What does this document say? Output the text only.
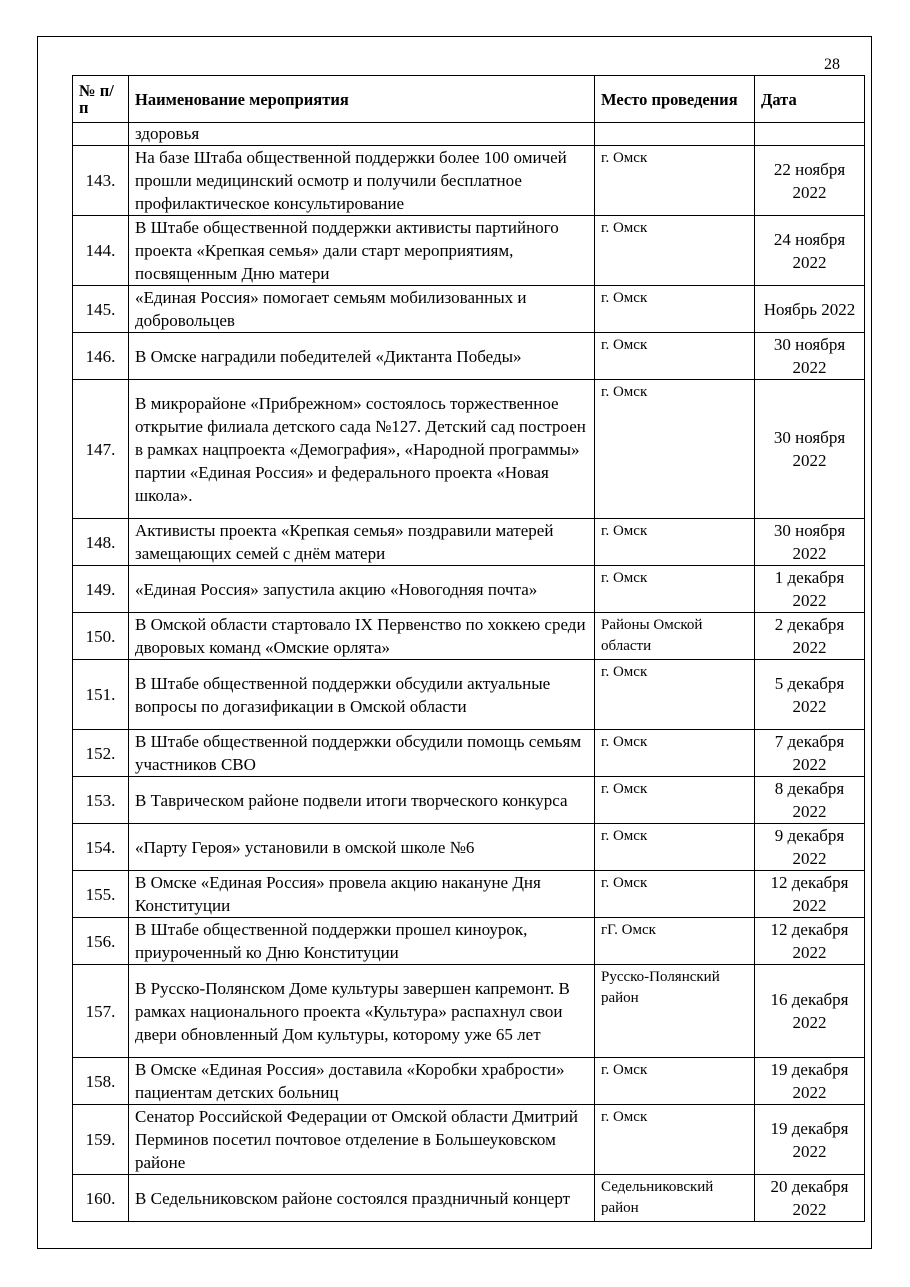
28
№ п/п	Наименование мероприятия	Место проведения	Дата
	здоровья		
143.	На базе Штаба общественной поддержки более 100 омичей прошли медицинский осмотр и получили бесплатное профилактическое консультирование	г. Омск	22 ноября 2022
144.	В Штабе общественной поддержки активисты партийного проекта «Крепкая семья» дали старт мероприятиям, посвященным Дню матери	г. Омск	24 ноября 2022
145.	«Единая Россия» помогает семьям мобилизованных и добровольцев	г. Омск	Ноябрь 2022
146.	В Омске наградили победителей «Диктанта Победы»	г. Омск	30 ноября 2022
147.	В микрорайоне «Прибрежном» состоялось торжественное открытие филиала детского сада №127. Детский сад построен в рамках нацпроекта «Демография», «Народной программы» партии «Единая Россия» и федерального проекта «Новая школа».	г. Омск	30 ноября 2022
148.	Активисты проекта «Крепкая семья» поздравили матерей замещающих семей с днём матери	г. Омск	30 ноября 2022
149.	«Единая Россия» запустила акцию «Новогодняя почта»	г. Омск	1 декабря 2022
150.	В Омской области стартовало IX Первенство по хоккею среди дворовых команд «Омские орлята»	Районы Омской области	2 декабря 2022
151.	В Штабе общественной поддержки обсудили актуальные вопросы по догазификации в Омской области	г. Омск	5 декабря 2022
152.	В Штабе общественной поддержки обсудили помощь семьям участников СВО	г. Омск	7 декабря 2022
153.	В Таврическом районе подвели итоги творческого конкурса	г. Омск	8 декабря 2022
154.	«Парту Героя» установили в омской школе №6	г. Омск	9 декабря 2022
155.	В Омске «Единая Россия» провела акцию накануне Дня Конституции	г. Омск	12 декабря 2022
156.	В Штабе общественной поддержки прошел киноурок, приуроченный ко Дню Конституции	гГ. Омск	12 декабря 2022
157.	В Русско-Полянском Доме культуры завершен капремонт. В рамках национального проекта «Культура» распахнул свои двери обновленный Дом культуры, которому уже 65 лет	Русско-Полянский район	16 декабря 2022
158.	В Омске «Единая Россия» доставила «Коробки храбрости» пациентам детских больниц	г. Омск	19 декабря 2022
159.	Сенатор Российской Федерации от Омской области Дмитрий Перминов посетил почтовое отделение в Большеуковском районе	г. Омск	19 декабря 2022
160.	В Седельниковском районе состоялся праздничный концерт	Седельниковский район	20 декабря 2022
